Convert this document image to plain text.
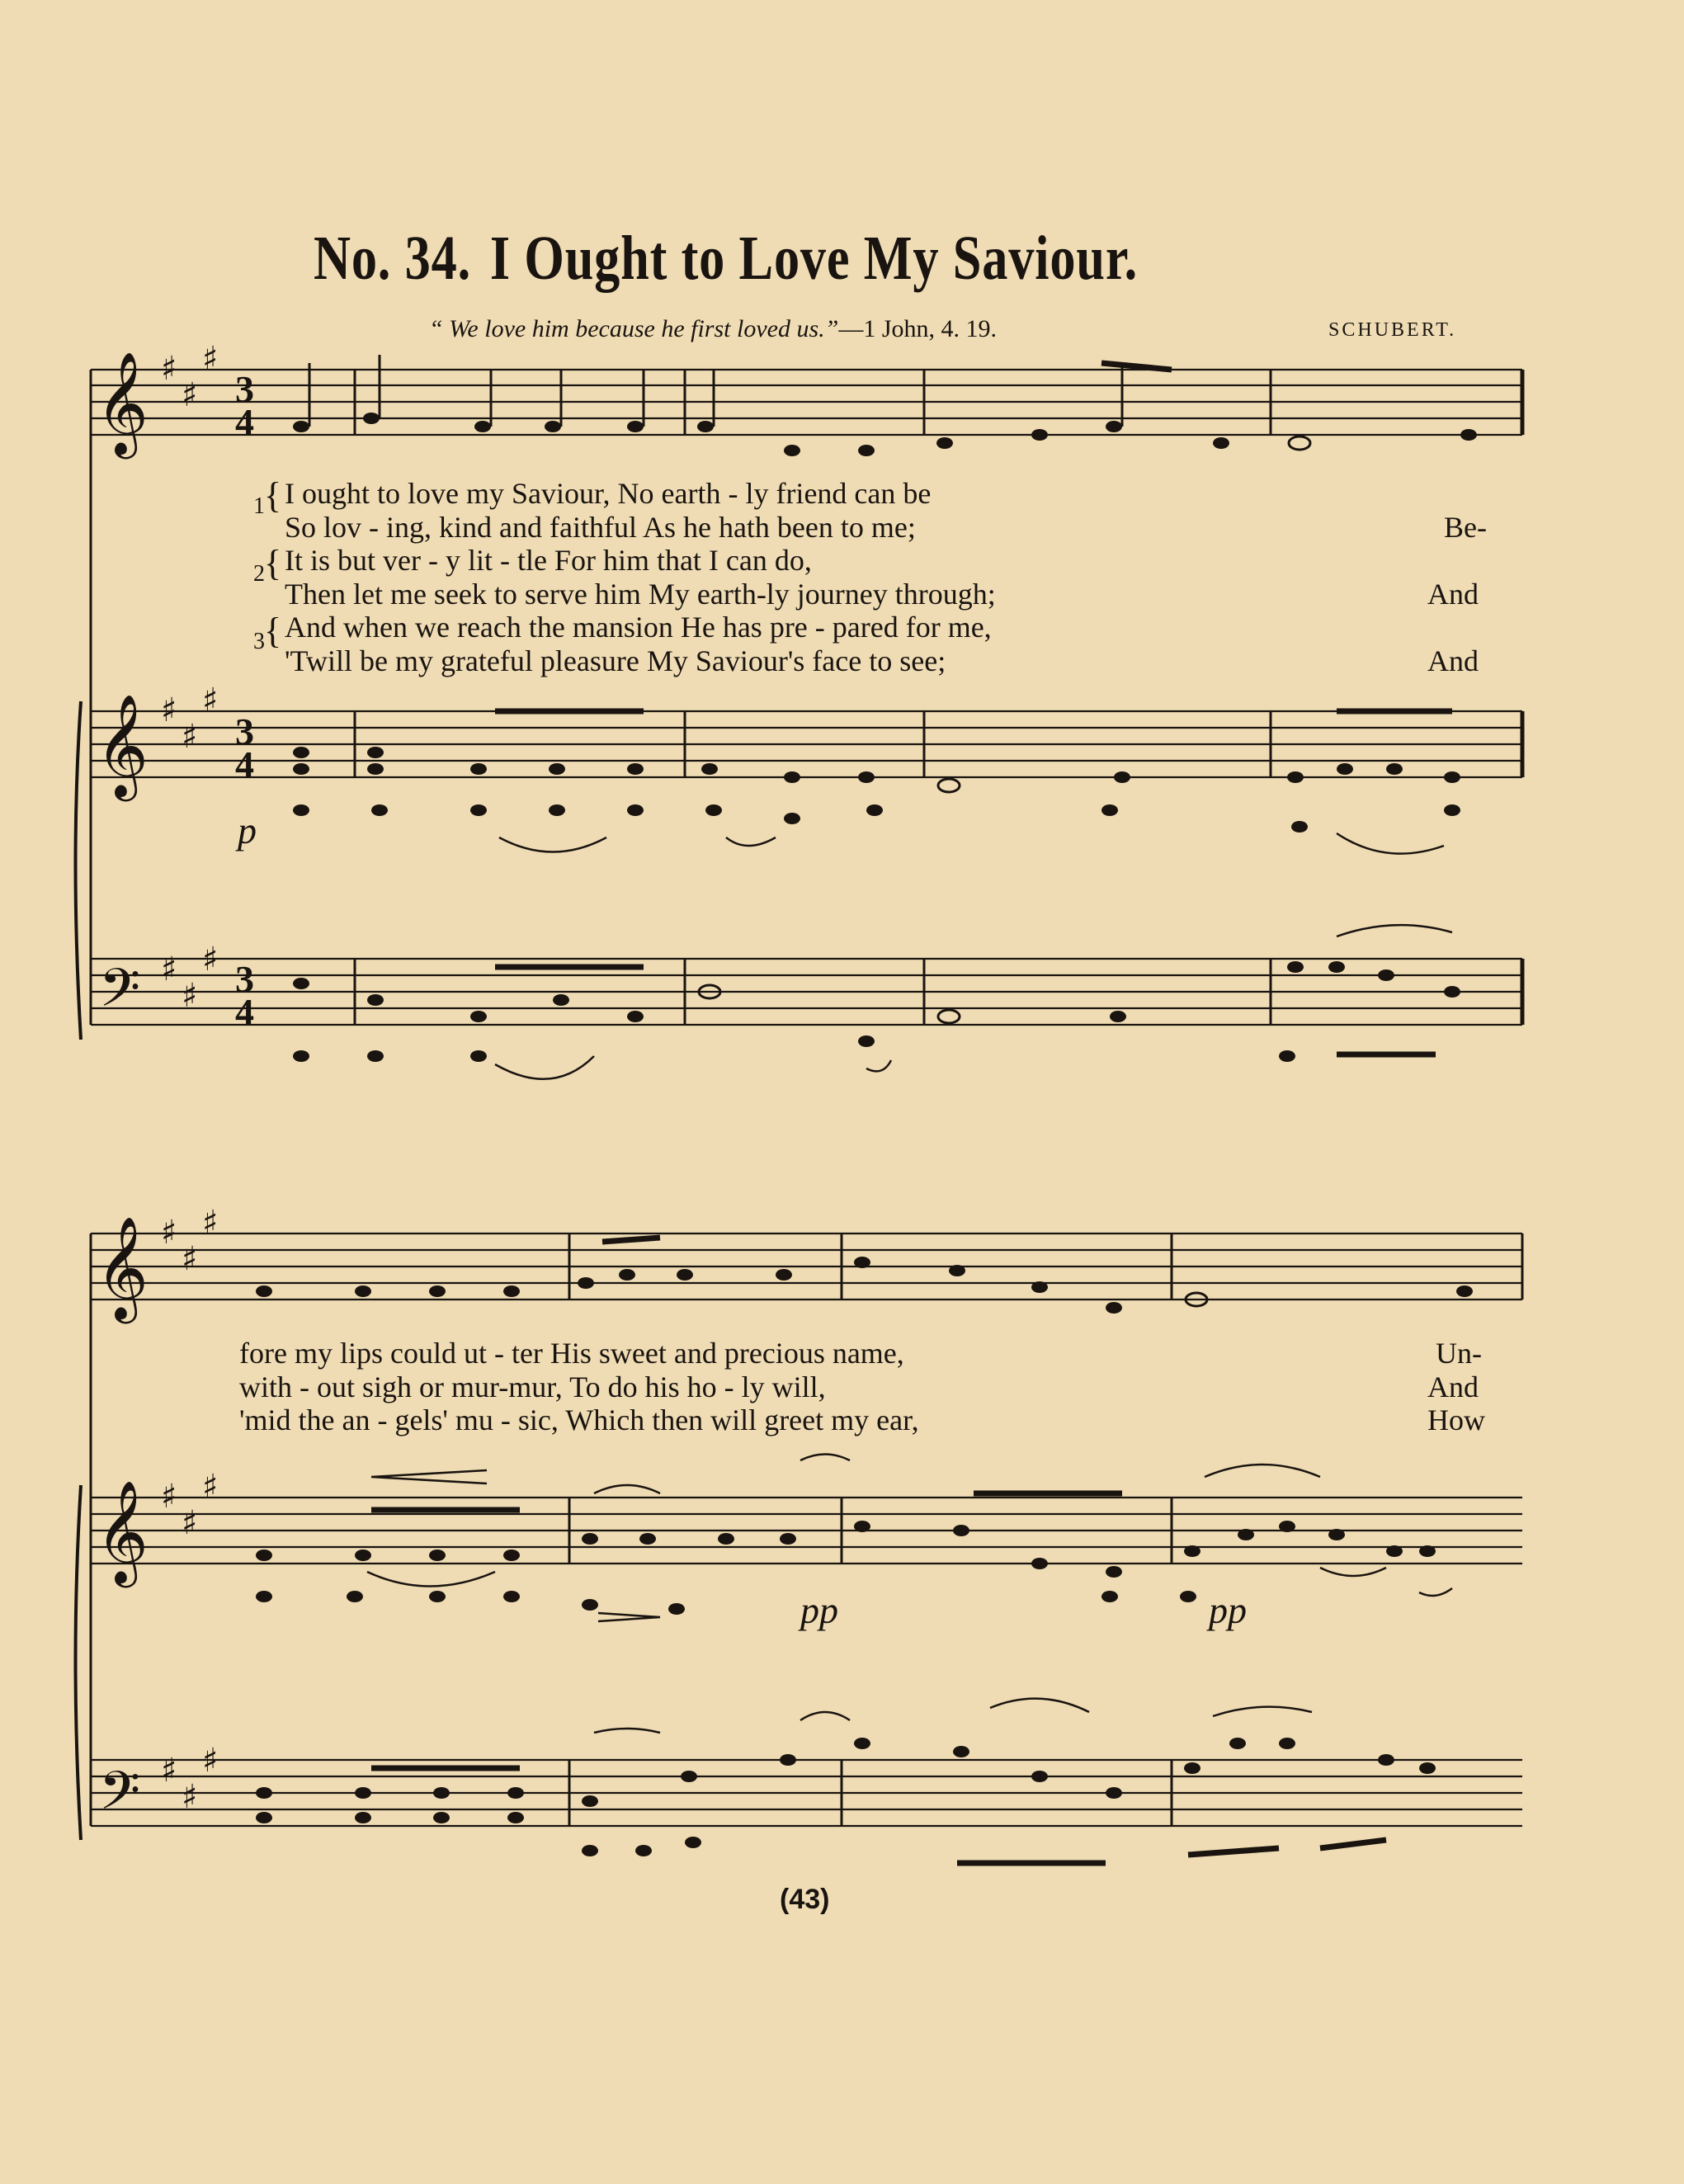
No. 34. I Ought to Love My Saviour.
“ We love him because he first loved us.”—1 John, 4. 19.	SCHUBERT.
𝄞
𝄞
𝄢
𝄞
𝄞
𝄢
♯
♯
♯
♯
♯
♯
♯
♯
♯
♯
♯
♯
♯
♯
♯
♯
♯
♯
3
4
3
4
3
4
1
2
3
I ought to love my Saviour, No earth - ly friend can be
So lov - ing, kind and faithful As he hath been to me;	Be-
It is but ver - y lit - tle For him that I can do,
Then let me seek to serve him My earth-ly journey through;	And
And when we reach the mansion He has pre - pared for me,
'Twill be my grateful pleasure My Saviour's face to see;	And
{
{
{
p
fore my lips could ut - ter His sweet and precious name,	Un-
with - out sigh or mur-mur, To do his ho - ly will,	And
'mid the an - gels' mu - sic, Which then will greet my ear,	How
pp	pp
(43)
